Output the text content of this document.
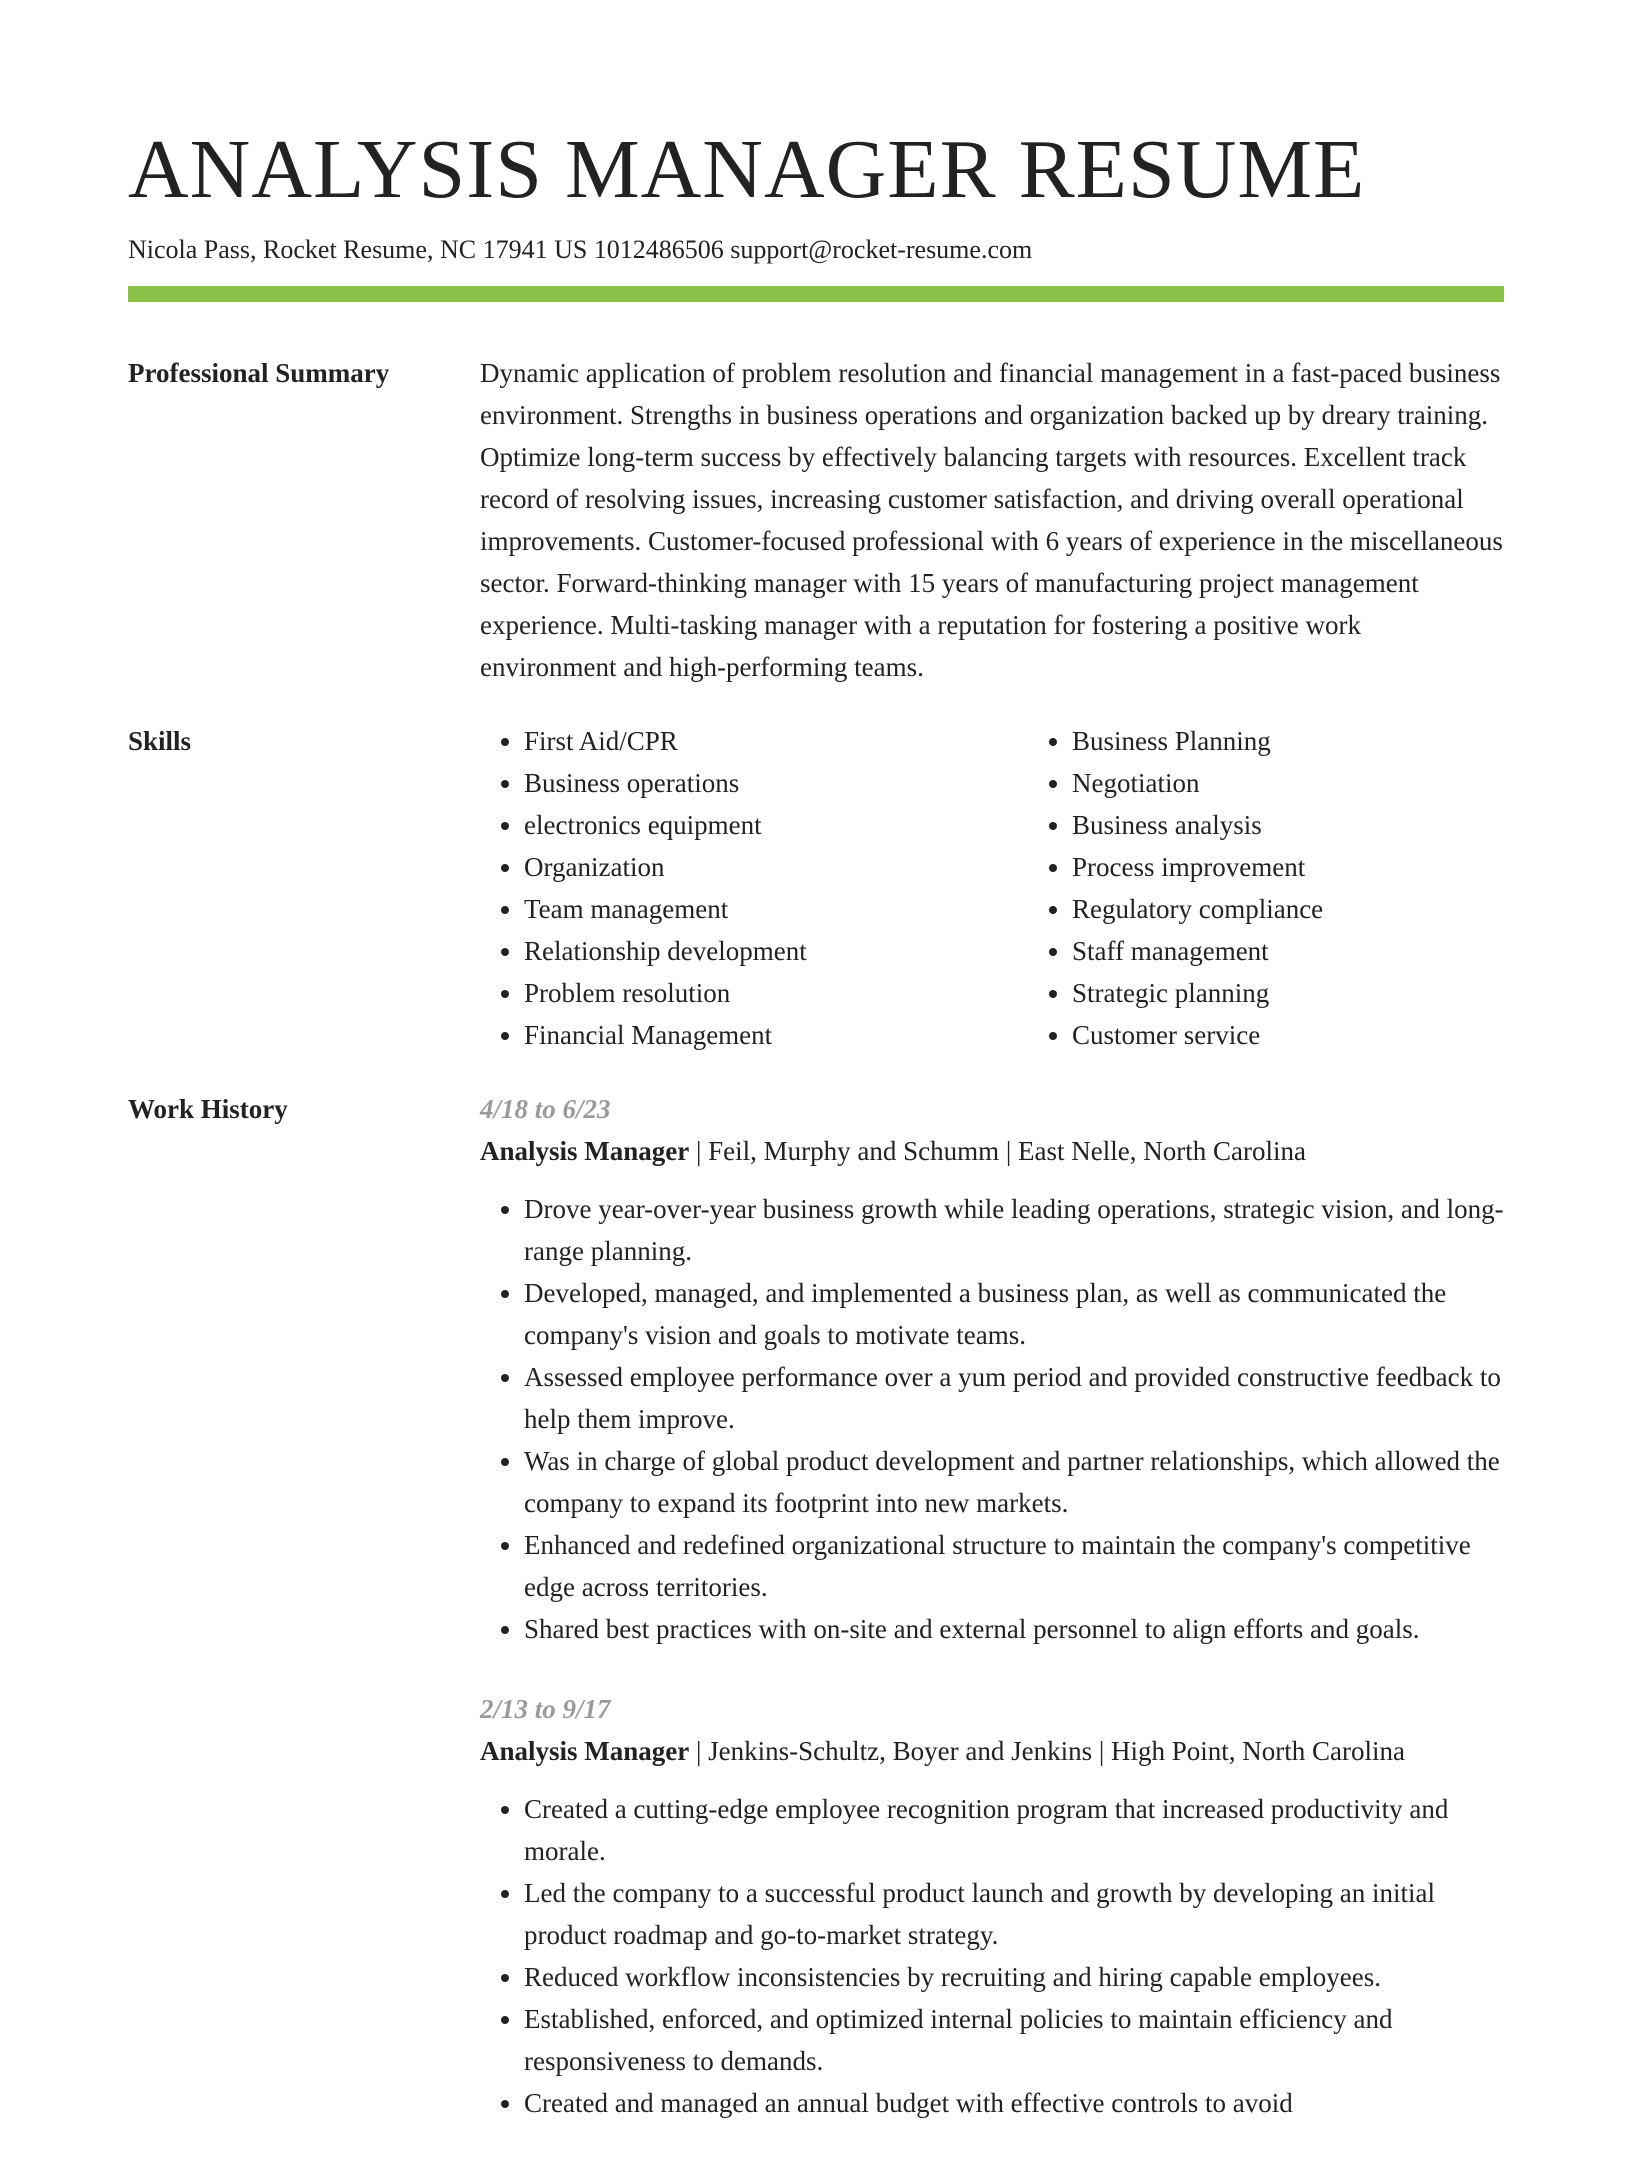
ANALYSIS MANAGER RESUME
Nicola Pass, Rocket Resume, NC 17941 US 1012486506 support@rocket-resume.com
Professional Summary	Dynamic application of problem resolution and financial management in a fast-paced business environment. Strengths in business operations and organization backed up by dreary training. Optimize long-term success by effectively balancing targets with resources. Excellent track record of resolving issues, increasing customer satisfaction, and driving overall operational improvements. Customer-focused professional with 6 years of experience in the miscellaneous sector. Forward-thinking manager with 15 years of manufacturing project management experience. Multi-tasking manager with a reputation for fostering a positive work environment and high-performing teams.

Skills
•	First Aid/CPR
• Business operations
• electronics equipment
• Organization
• Team management
• Relationship development
• Problem resolution
• Financial Management
• Business Planning
• Negotiation
• Business analysis
• Process improvement
• Regulatory compliance
• Staff management
• Strategic planning
• Customer service
Work History	4/18 to 6/23
Analysis Manager | Feil, Murphy and Schumm | East Nelle, North Carolina
• Drove year-over-year business growth while leading operations, strategic vision, and long-range planning.
• Developed, managed, and implemented a business plan, as well as communicated the company's vision and goals to motivate teams.
• Assessed employee performance over a yum period and provided constructive feedback to help them improve.
• Was in charge of global product development and partner relationships, which allowed the company to expand its footprint into new markets.
• Enhanced and redefined organizational structure to maintain the company's competitive edge across territories.
• Shared best practices with on-site and external personnel to align efforts and goals.
2/13 to 9/17
Analysis Manager | Jenkins-Schultz, Boyer and Jenkins | High Point, North Carolina
• Created a cutting-edge employee recognition program that increased productivity and morale.
• Led the company to a successful product launch and growth by developing an initial product roadmap and go-to-market strategy.
• Reduced workflow inconsistencies by recruiting and hiring capable employees.
• Established, enforced, and optimized internal policies to maintain efficiency and responsiveness to demands.
• Created and managed an annual budget with effective controls to avoid
